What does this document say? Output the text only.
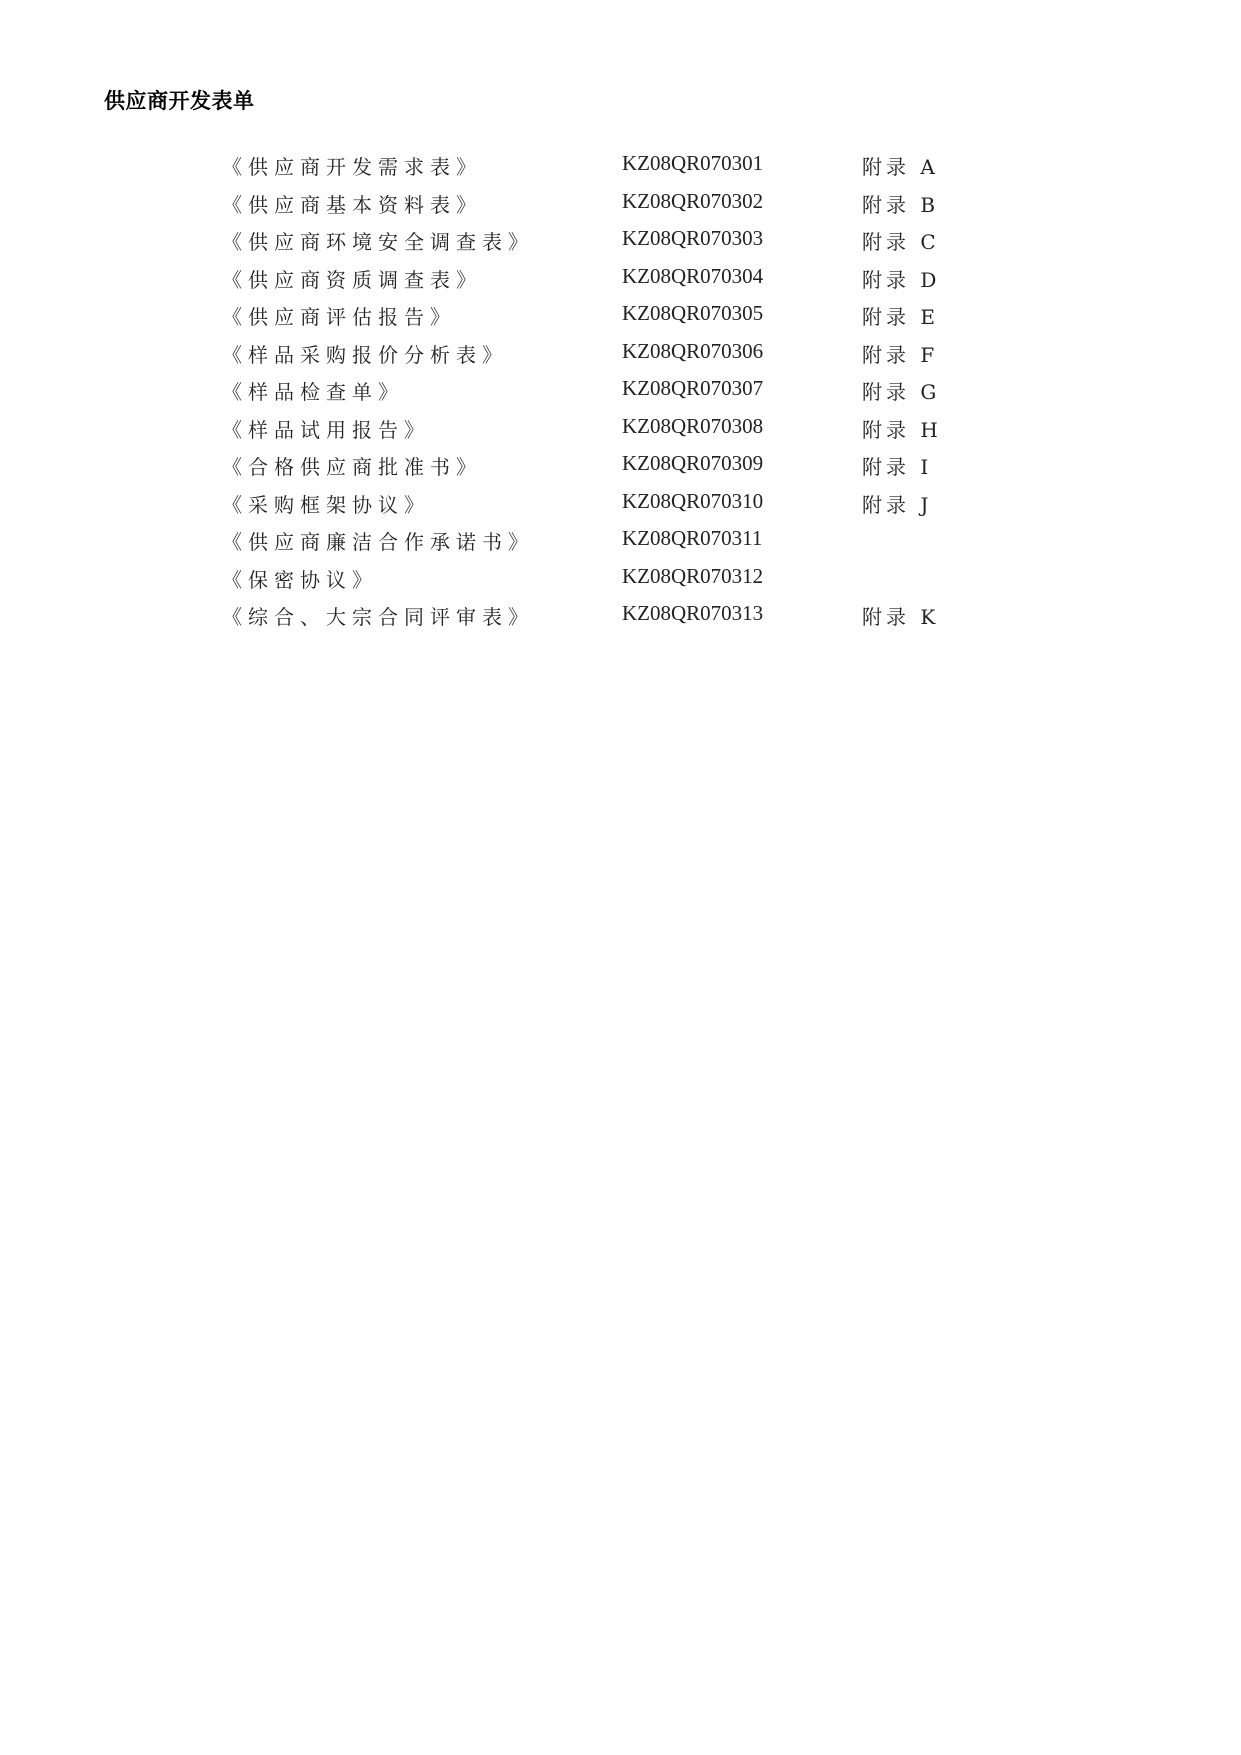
供应商开发表单
《供应商开发需求表》	KZ08QR070301	附录 A
《供应商基本资料表》	KZ08QR070302	附录 B
《供应商环境安全调查表》	KZ08QR070303	附录 C
《供应商资质调查表》	KZ08QR070304	附录 D
《供应商评估报告》	KZ08QR070305	附录 E
《样品采购报价分析表》	KZ08QR070306	附录 F
《样品检查单》	KZ08QR070307	附录 G
《样品试用报告》	KZ08QR070308	附录 H
《合格供应商批准书》	KZ08QR070309	附录 I
《采购框架协议》	KZ08QR070310	附录 J
《供应商廉洁合作承诺书》	KZ08QR070311
《保密协议》	KZ08QR070312
《综合、大宗合同评审表》	KZ08QR070313	附录 K
